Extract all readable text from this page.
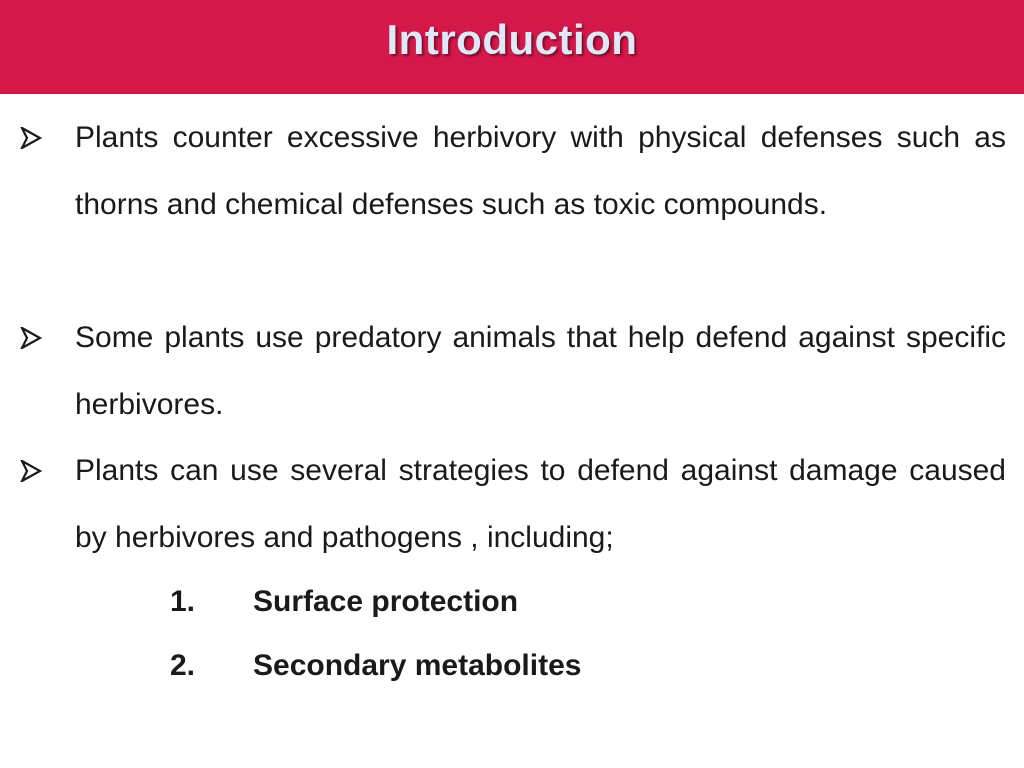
Introduction
Plants counter excessive herbivory with physical defenses such as thorns and chemical defenses such as toxic compounds.
Some plants use predatory animals that help defend against specific herbivores.
Plants can use several strategies to defend against damage caused by herbivores and pathogens , including;
1. Surface protection
2. Secondary metabolites
